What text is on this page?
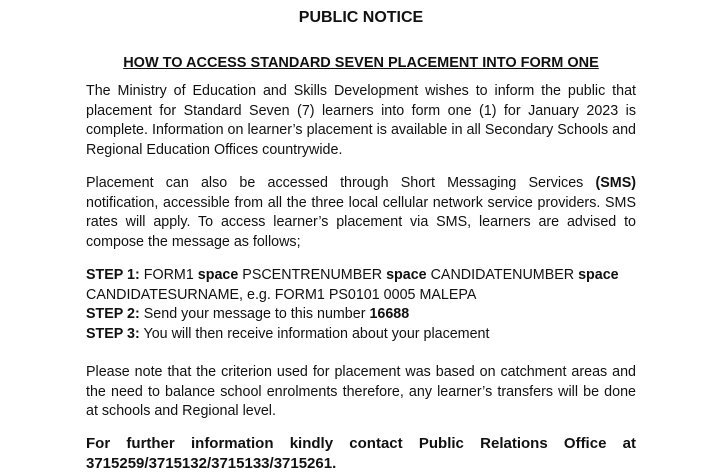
PUBLIC NOTICE
HOW TO ACCESS STANDARD SEVEN PLACEMENT INTO FORM ONE

The Ministry of Education and Skills Development wishes to inform the public that placement for Standard Seven (7) learners into form one (1) for January 2023 is complete. Information on learner’s placement is available in all Secondary Schools and Regional Education Offices countrywide.

Placement can also be accessed through Short Messaging Services (SMS) notification, accessible from all the three local cellular network service providers. SMS rates will apply. To access learner’s placement via SMS, learners are advised to compose the message as follows;

STEP 1: FORM1 space PSCENTRENUMBER space CANDIDATENUMBER space CANDIDATESURNAME, e.g. FORM1 PS0101 0005 MALEPA
STEP 2: Send your message to this number 16688
STEP 3: You will then receive information about your placement

Please note that the criterion used for placement was based on catchment areas and the need to balance school enrolments therefore, any learner’s transfers will be done at schools and Regional level.

For further information kindly contact Public Relations Office at 3715259/3715132/3715133/3715261.
